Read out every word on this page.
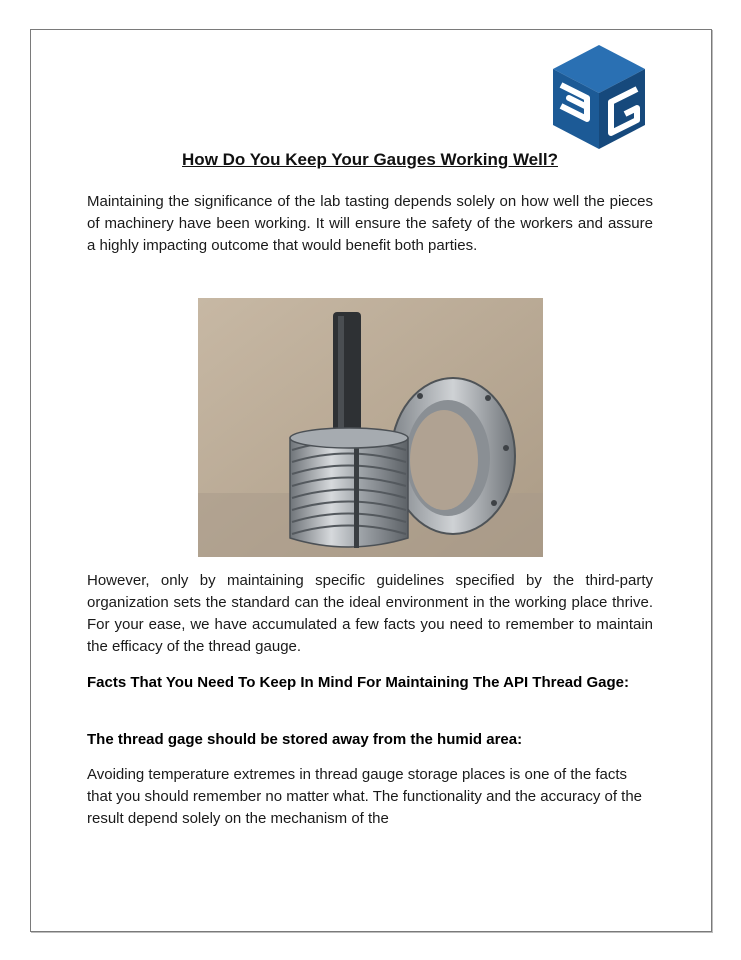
How Do You Keep Your Gauges Working Well?

Maintaining the significance of the lab tasting depends solely on how well the pieces of machinery have been working. It will ensure the safety of the workers and assure a highly impacting outcome that would benefit both parties.

However, only by maintaining specific guidelines specified by the third-party organization sets the standard can the ideal environment in the working place thrive. For your ease, we have accumulated a few facts you need to remember to maintain the efficacy of the thread gauge.

Facts That You Need To Keep In Mind For Maintaining The API Thread Gage:

The thread gage should be stored away from the humid area:

Avoiding temperature extremes in thread gauge storage places is one of the facts that you should remember no matter what. The functionality and the accuracy of the result depend solely on the mechanism of the
